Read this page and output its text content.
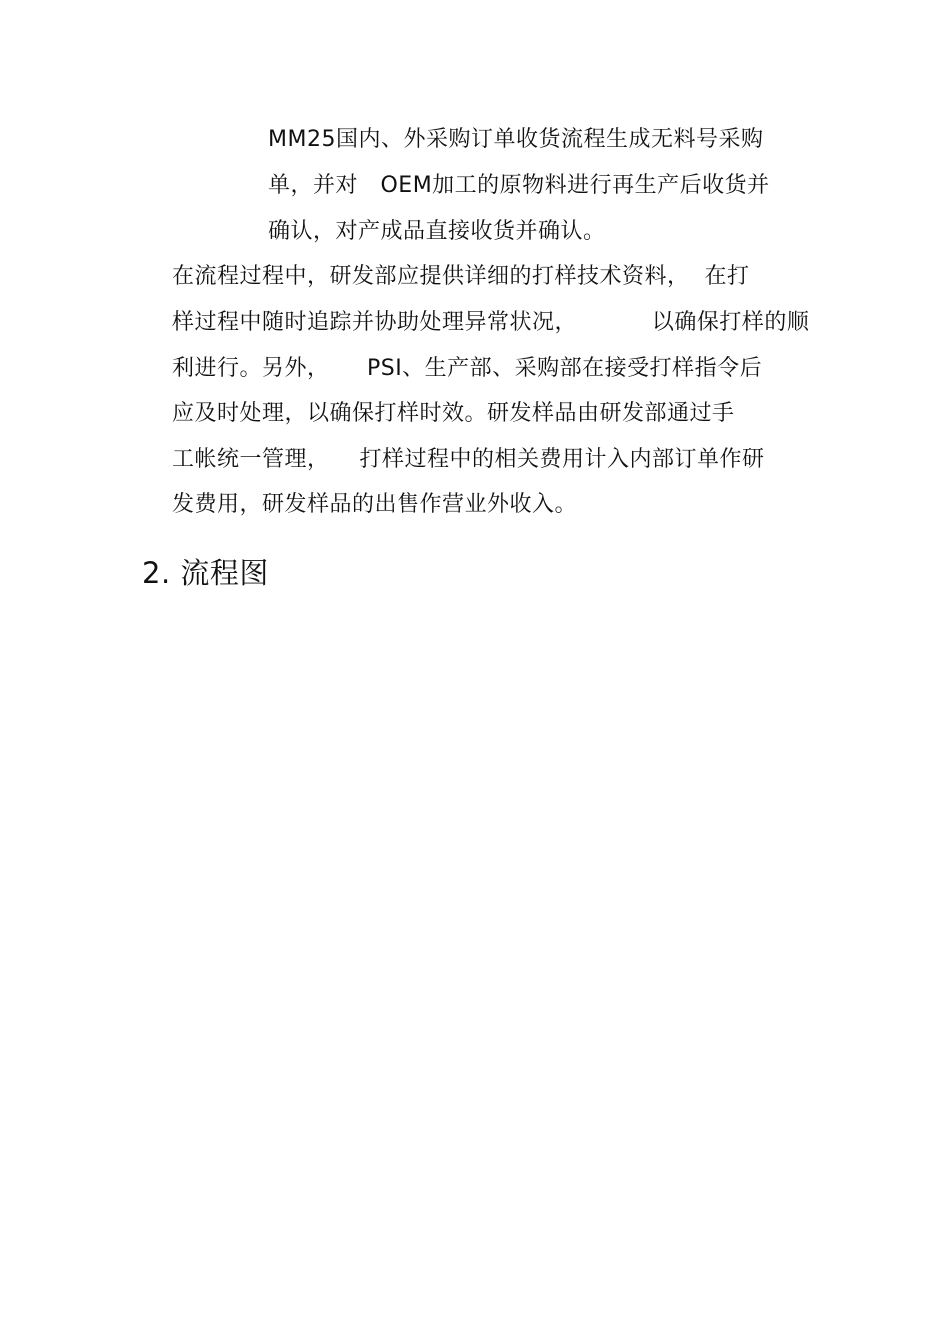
MM25国内、外采购订单收货流程生成无料号采购
单，并对   OEM加工的原物料进行再生产后收货并
确认，对产成品直接收货并确认。
在流程过程中，研发部应提供详细的打样技术资料，  在打
样过程中随时追踪并协助处理异常状况，          以确保打样的顺
利进行。另外，     PSI、生产部、采购部在接受打样指令后
应及时处理，以确保打样时效。研发样品由研发部通过手
工帐统一管理，    打样过程中的相关费用计入内部订单作研
发费用，研发样品的出售作营业外收入。
2. 流程图
